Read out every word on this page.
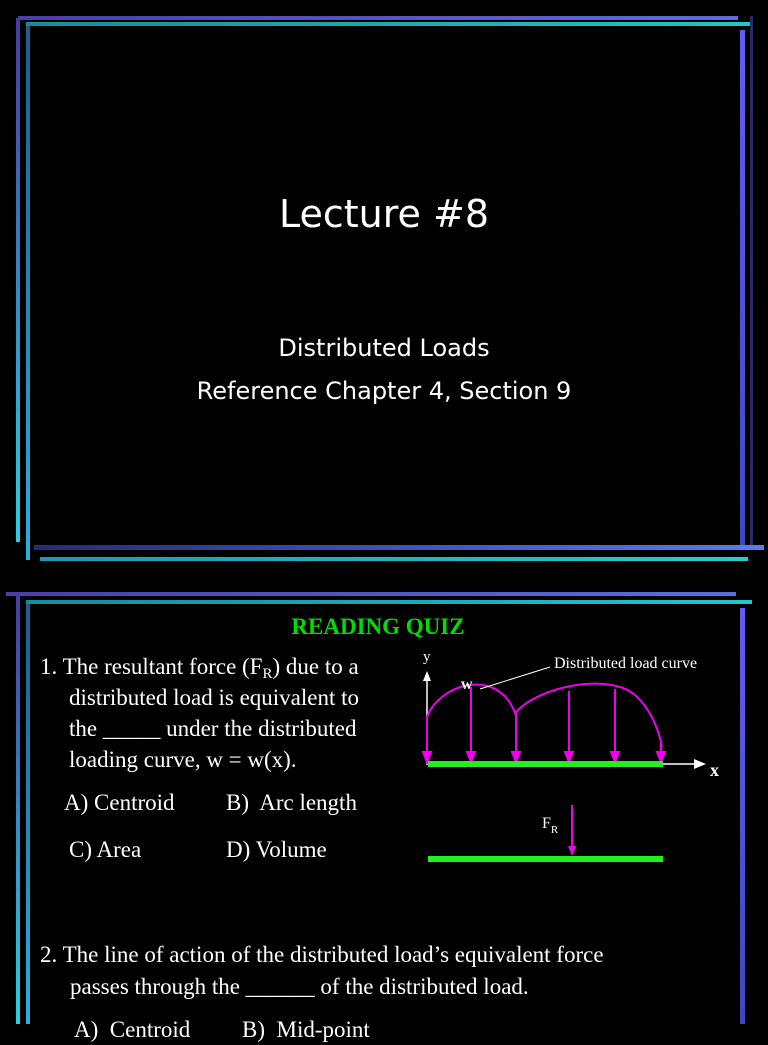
Lecture #8
Distributed Loads
Reference Chapter 4, Section 9
READING QUIZ
1. The resultant force $(F_R)$ due to a
distributed load is equivalent to
the _____ under the distributed
loading curve, w = w(x).
A) Centroid B)  Arc length
C) Area	D) Volume
y
x
w
Distributed load curve
$F_R$
2. The line of action of the distributed load’s equivalent force
passes through the ______ of the distributed load.
A)  Centroid         B)  Mid-point
